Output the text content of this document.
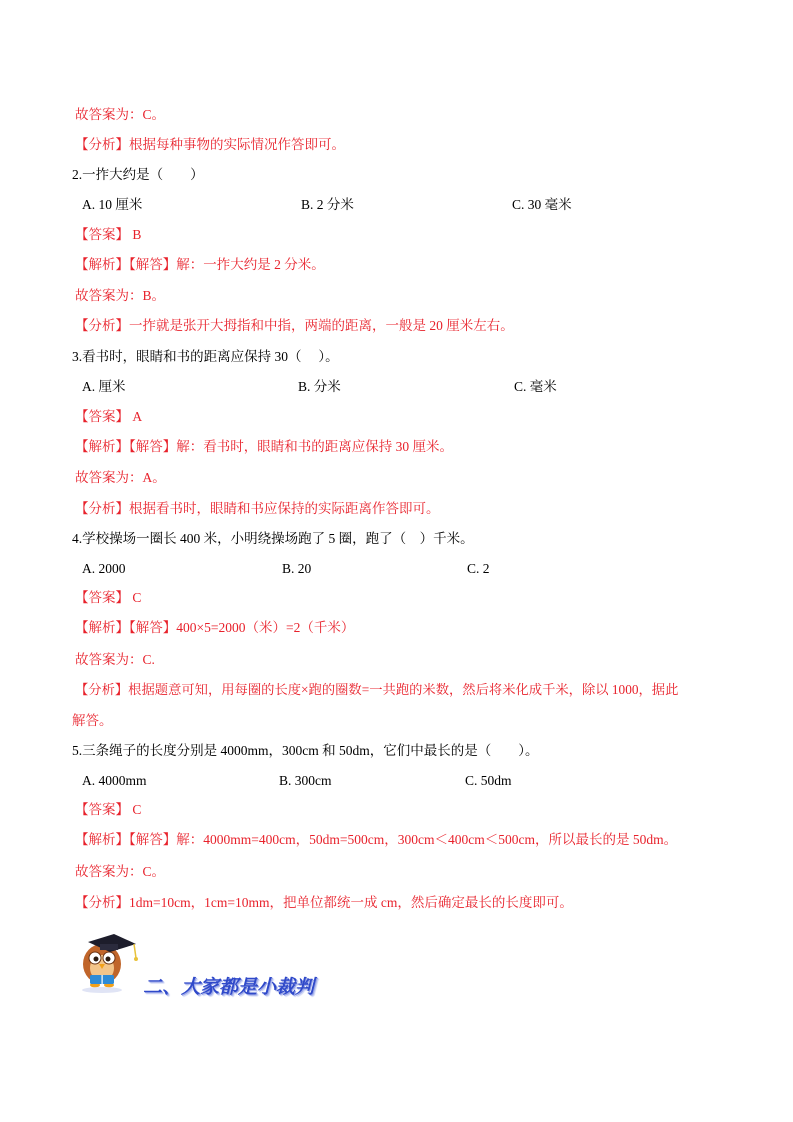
故答案为：C。
【分析】根据每种事物的实际情况作答即可。
2.一拃大约是（　　）
A. 10 厘米	B. 2 分米	C. 30 毫米
【答案】 B
【解析】【解答】解：一拃大约是 2 分米。
故答案为：B。
【分析】一拃就是张开大拇指和中指，两端的距离，一般是 20 厘米左右。
3.看书时，眼睛和书的距离应保持 30（　 ）。
A. 厘米	B. 分米	C. 毫米
【答案】 A
【解析】【解答】解：看书时，眼睛和书的距离应保持 30 厘米。
故答案为：A。
【分析】根据看书时，眼睛和书应保持的实际距离作答即可。
4.学校操场一圈长 400 米，小明绕操场跑了 5 圈，跑了（　）千米。
A. 2000	B. 20	C. 2
【答案】 C
【解析】【解答】400×5=2000（米）=2（千米）
故答案为：C.
【分析】根据题意可知，用每圈的长度×跑的圈数=一共跑的米数，然后将米化成千米，除以 1000，据此
解答。
5.三条绳子的长度分别是 4000mm，300cm 和 50dm，它们中最长的是（　　）。
A. 4000mm	B. 300cm	C. 50dm
【答案】 C
【解析】【解答】解：4000mm=400cm，50dm=500cm，300cm＜400cm＜500cm，所以最长的是 50dm。
故答案为：C。
【分析】1dm=10cm，1cm=10mm，把单位都统一成 cm，然后确定最长的长度即可。
二、大家都是小裁判
